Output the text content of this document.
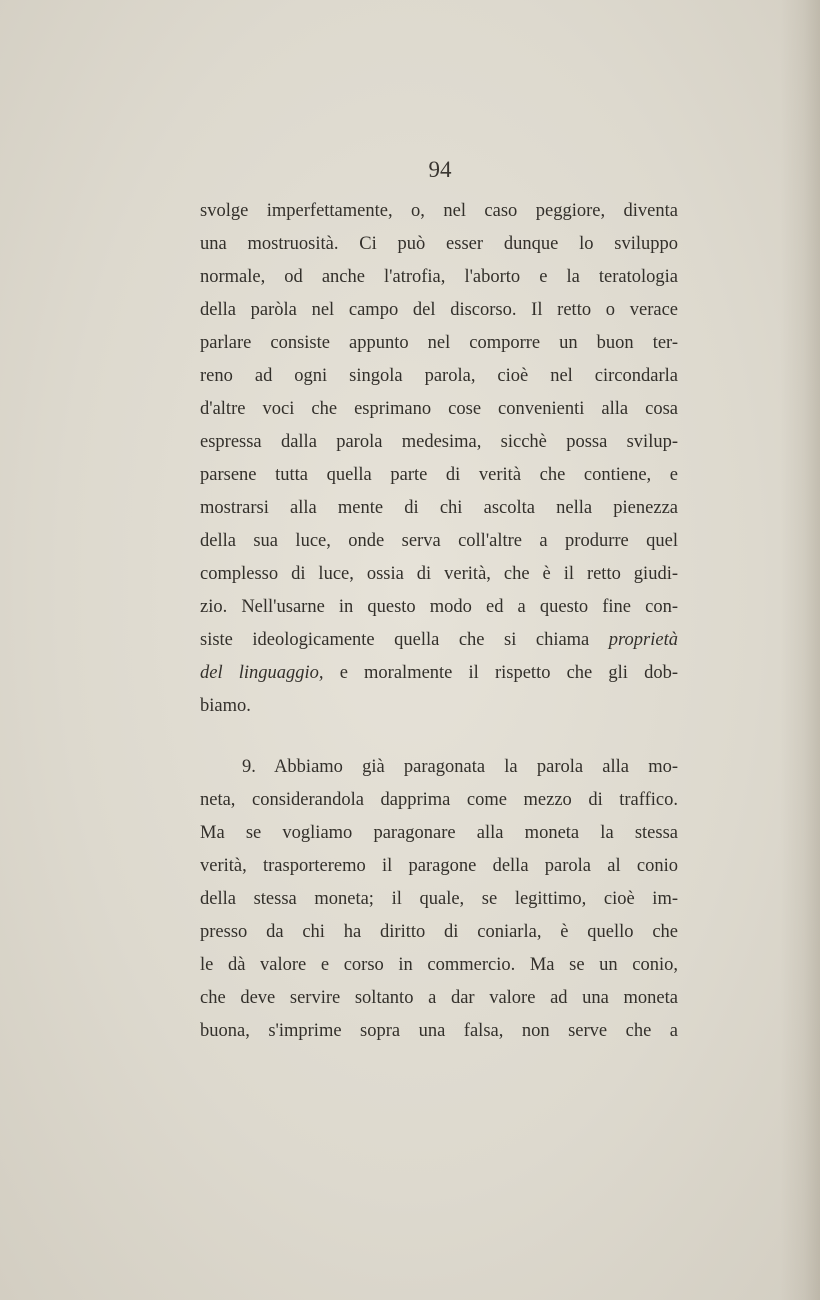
94
svolge imperfettamente, o, nel caso peggiore, diventa
una mostruosità. Ci può esser dunque lo sviluppo
normale, od anche l'atrofia, l'aborto e la teratologia
della paròla nel campo del discorso. Il retto o verace
parlare consiste appunto nel comporre un buon ter-
reno ad ogni singola parola, cioè nel circondarla
d'altre voci che esprimano cose convenienti alla cosa
espressa dalla parola medesima, sicchè possa svilup-
parsene tutta quella parte di verità che contiene, e
mostrarsi alla mente di chi ascolta nella pienezza
della sua luce, onde serva coll'altre a produrre quel
complesso di luce, ossia di verità, che è il retto giudi-
zio. Nell'usarne in questo modo ed a questo fine con-
siste ideologicamente quella che si chiama proprietà
del linguaggio, e moralmente il rispetto che gli dob-
biamo.
9. Abbiamo già paragonata la parola alla mo-
neta, considerandola dapprima come mezzo di traffico.
Ma se vogliamo paragonare alla moneta la stessa
verità, trasporteremo il paragone della parola al conio
della stessa moneta; il quale, se legittimo, cioè im-
presso da chi ha diritto di coniarla, è quello che
le dà valore e corso in commercio. Ma se un conio,
che deve servire soltanto a dar valore ad una moneta
buona, s'imprime sopra una falsa, non serve che a
